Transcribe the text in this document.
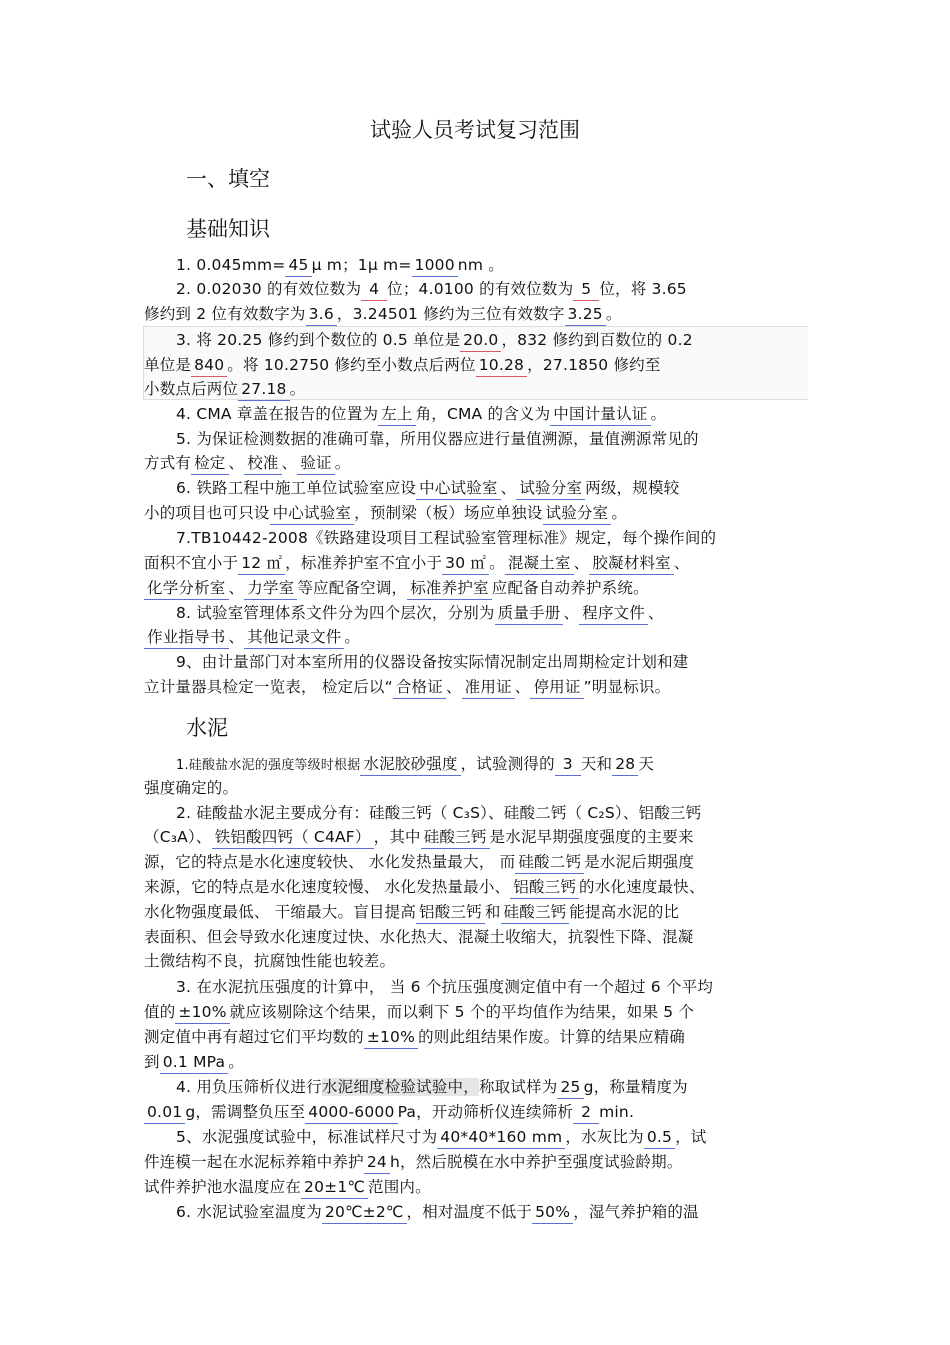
试验人员考试复习范围
一、填空
基础知识
1. 0.045mm= 45 μ m；1μ m= 1000 nm 。
2. 0.02030 的有效位数为 4 位；4.0100 的有效位数为 5 位，将 3.65
修约到 2 位有效数字为 3.6 ，3.24501 修约为三位有效数字 3.25 。
3. 将 20.25 修约到个数位的 0.5 单位是 20.0 ，832 修约到百数位的 0.2
单位是 840 。将 10.2750 修约至小数点后两位 10.28 ，27.1850 修约至
小数点后两位 27.18 。
4. CMA 章盖在报告的位置为 左上 角，CMA 的含义为 中国计量认证 。
5. 为保证检测数据的准确可靠，所用仪器应进行量值溯源，量值溯源常见的
方式有 检定 、 校准 、 验证 。
6. 铁路工程中施工单位试验室应设 中心试验室 、 试验分室 两级，规模较
小的项目也可只设 中心试验室 ，预制梁（板）场应单独设 试验分室 。
7.TB10442-2008《铁路建设项目工程试验室管理标准》规定，每个操作间的
面积不宜小于 12 ㎡ ，标准养护室不宜小于 30 ㎡ 。 混凝土室 、 胶凝材料室 、
化学分析室 、 力学室 等应配备空调， 标准养护室 应配备自动养护系统。
8. 试验室管理体系文件分为四个层次，分别为 质量手册 、 程序文件 、
作业指导书 、 其他记录文件 。
9、由计量部门对本室所用的仪器设备按实际情况制定出周期检定计划和建
立计量器具检定一览表， 检定后以“ 合格证 、 准用证 、 停用证 ”明显标识。
水泥
1.硅酸盐水泥的强度等级时根据 水泥胶砂强度 ，试验测得的 3 天和 28 天
强度确定的。
2. 硅酸盐水泥主要成分有：硅酸三钙（ C₃S）、硅酸二钙（ C₂S）、铝酸三钙
（C₃A）、 铁铝酸四钙（ C4AF） ，其中 硅酸三钙 是水泥早期强度强度的主要来
源，它的特点是水化速度较快、 水化发热量最大， 而 硅酸二钙 是水泥后期强度
来源，它的特点是水化速度较慢、 水化发热量最小、 铝酸三钙 的水化速度最快、
水化物强度最低、 干缩最大。盲目提高 铝酸三钙 和 硅酸三钙 能提高水泥的比
表面积、但会导致水化速度过快、水化热大、混凝土收缩大，抗裂性下降、混凝
土微结构不良，抗腐蚀性能也较差。
3. 在水泥抗压强度的计算中， 当 6 个抗压强度测定值中有一个超过 6 个平均
值的 ±10% 就应该剔除这个结果，而以剩下 5 个的平均值作为结果，如果 5 个
测定值中再有超过它们平均数的 ±10% 的则此组结果作废。计算的结果应精确
到 0.1 MPa 。
4. 用负压筛析仪进行水泥细度检验试验中，称取试样为 25 g，称量精度为
0.01 g，需调整负压至 4000-6000 Pa，开动筛析仪连续筛析 2 min.
5、水泥强度试验中，标准试样尺寸为 40*40*160 mm ，水灰比为 0.5 ，试
件连模一起在水泥标养箱中养护 24 h，然后脱模在水中养护至强度试验龄期。
试件养护池水温度应在 20±1℃ 范围内。
6. 水泥试验室温度为 20℃±2℃ ，相对温度不低于 50% ，湿气养护箱的温
